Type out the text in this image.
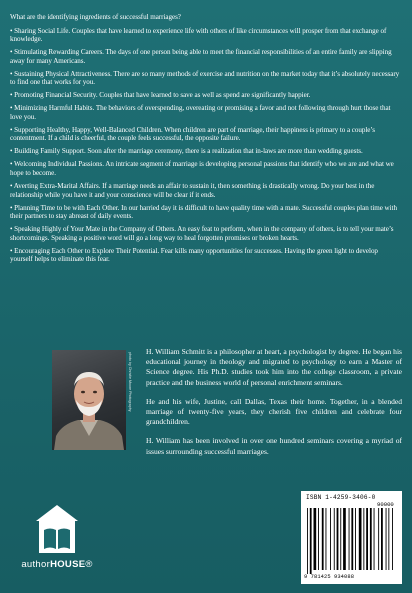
What are the identifying ingredients of successful marriages?

• Sharing Social Life. Couples that have learned to experience life with others of like circumstances will prosper from that exchange of knowledge.

• Stimulating Rewarding Careers. The days of one person being able to meet the financial responsibilities of an entire family are slipping away for many Americans.

• Sustaining Physical Attractiveness. There are so many methods of exercise and nutrition on the market today that it’s absolutely necessary to find one that works for you.

• Promoting Financial Security. Couples that have learned to save as well as spend are significantly happier.

• Minimizing Harmful Habits. The behaviors of overspending, overeating or promising a favor and not following through hurt those that love you.

• Supporting Healthy, Happy, Well-Balanced Children. When children are part of marriage, their happiness is primary to a couple’s contentment. If a child is cheerful, the couple feels successful, the opposite failure.

• Building Family Support. Soon after the marriage ceremony, there is a realization that in-laws are more than wedding guests.

• Welcoming Individual Passions. An intricate segment of marriage is developing personal passions that identify who we are and what we hope to become.

• Averting Extra-Marital Affairs. If a marriage needs an affair to sustain it, then something is drastically wrong. Do your best in the relationship while you have it and your conscience will be clear if it ends.

• Planning Time to be with Each Other. In our harried day it is difficult to have quality time with a mate. Successful couples plan time with their partners to stay abreast of daily events.

• Speaking Highly of Your Mate in the Company of Others. An easy feat to perform, when in the company of others, is to tell your mate’s shortcomings. Speaking a positive word will go a long way to heal forgotten promises or broken hearts.

• Encouraging Each Other to Explore Their Potential. Fear kills many opportunities for successes. Having the green light to develop yourself helps to eliminate this fear.

photo by Christie Moore Photography

H. William Schmitt is a philosopher at heart, a psychologist by degree. He began his educational journey in theology and migrated to psychology to earn a Master of Science degree. His Ph.D. studies took him into the college classroom, a private practice and the business world of personal enrichment seminars.

He and his wife, Justine, call Dallas, Texas their home. Together, in a blended marriage of twenty-five years, they cherish five children and celebrate four grandchildren.

H. William has been involved in over one hundred seminars covering a myriad of issues surrounding successful marriages.

authorHOUSE®
ISBN 1-4259-3406-0
90000
9 781425 934088
